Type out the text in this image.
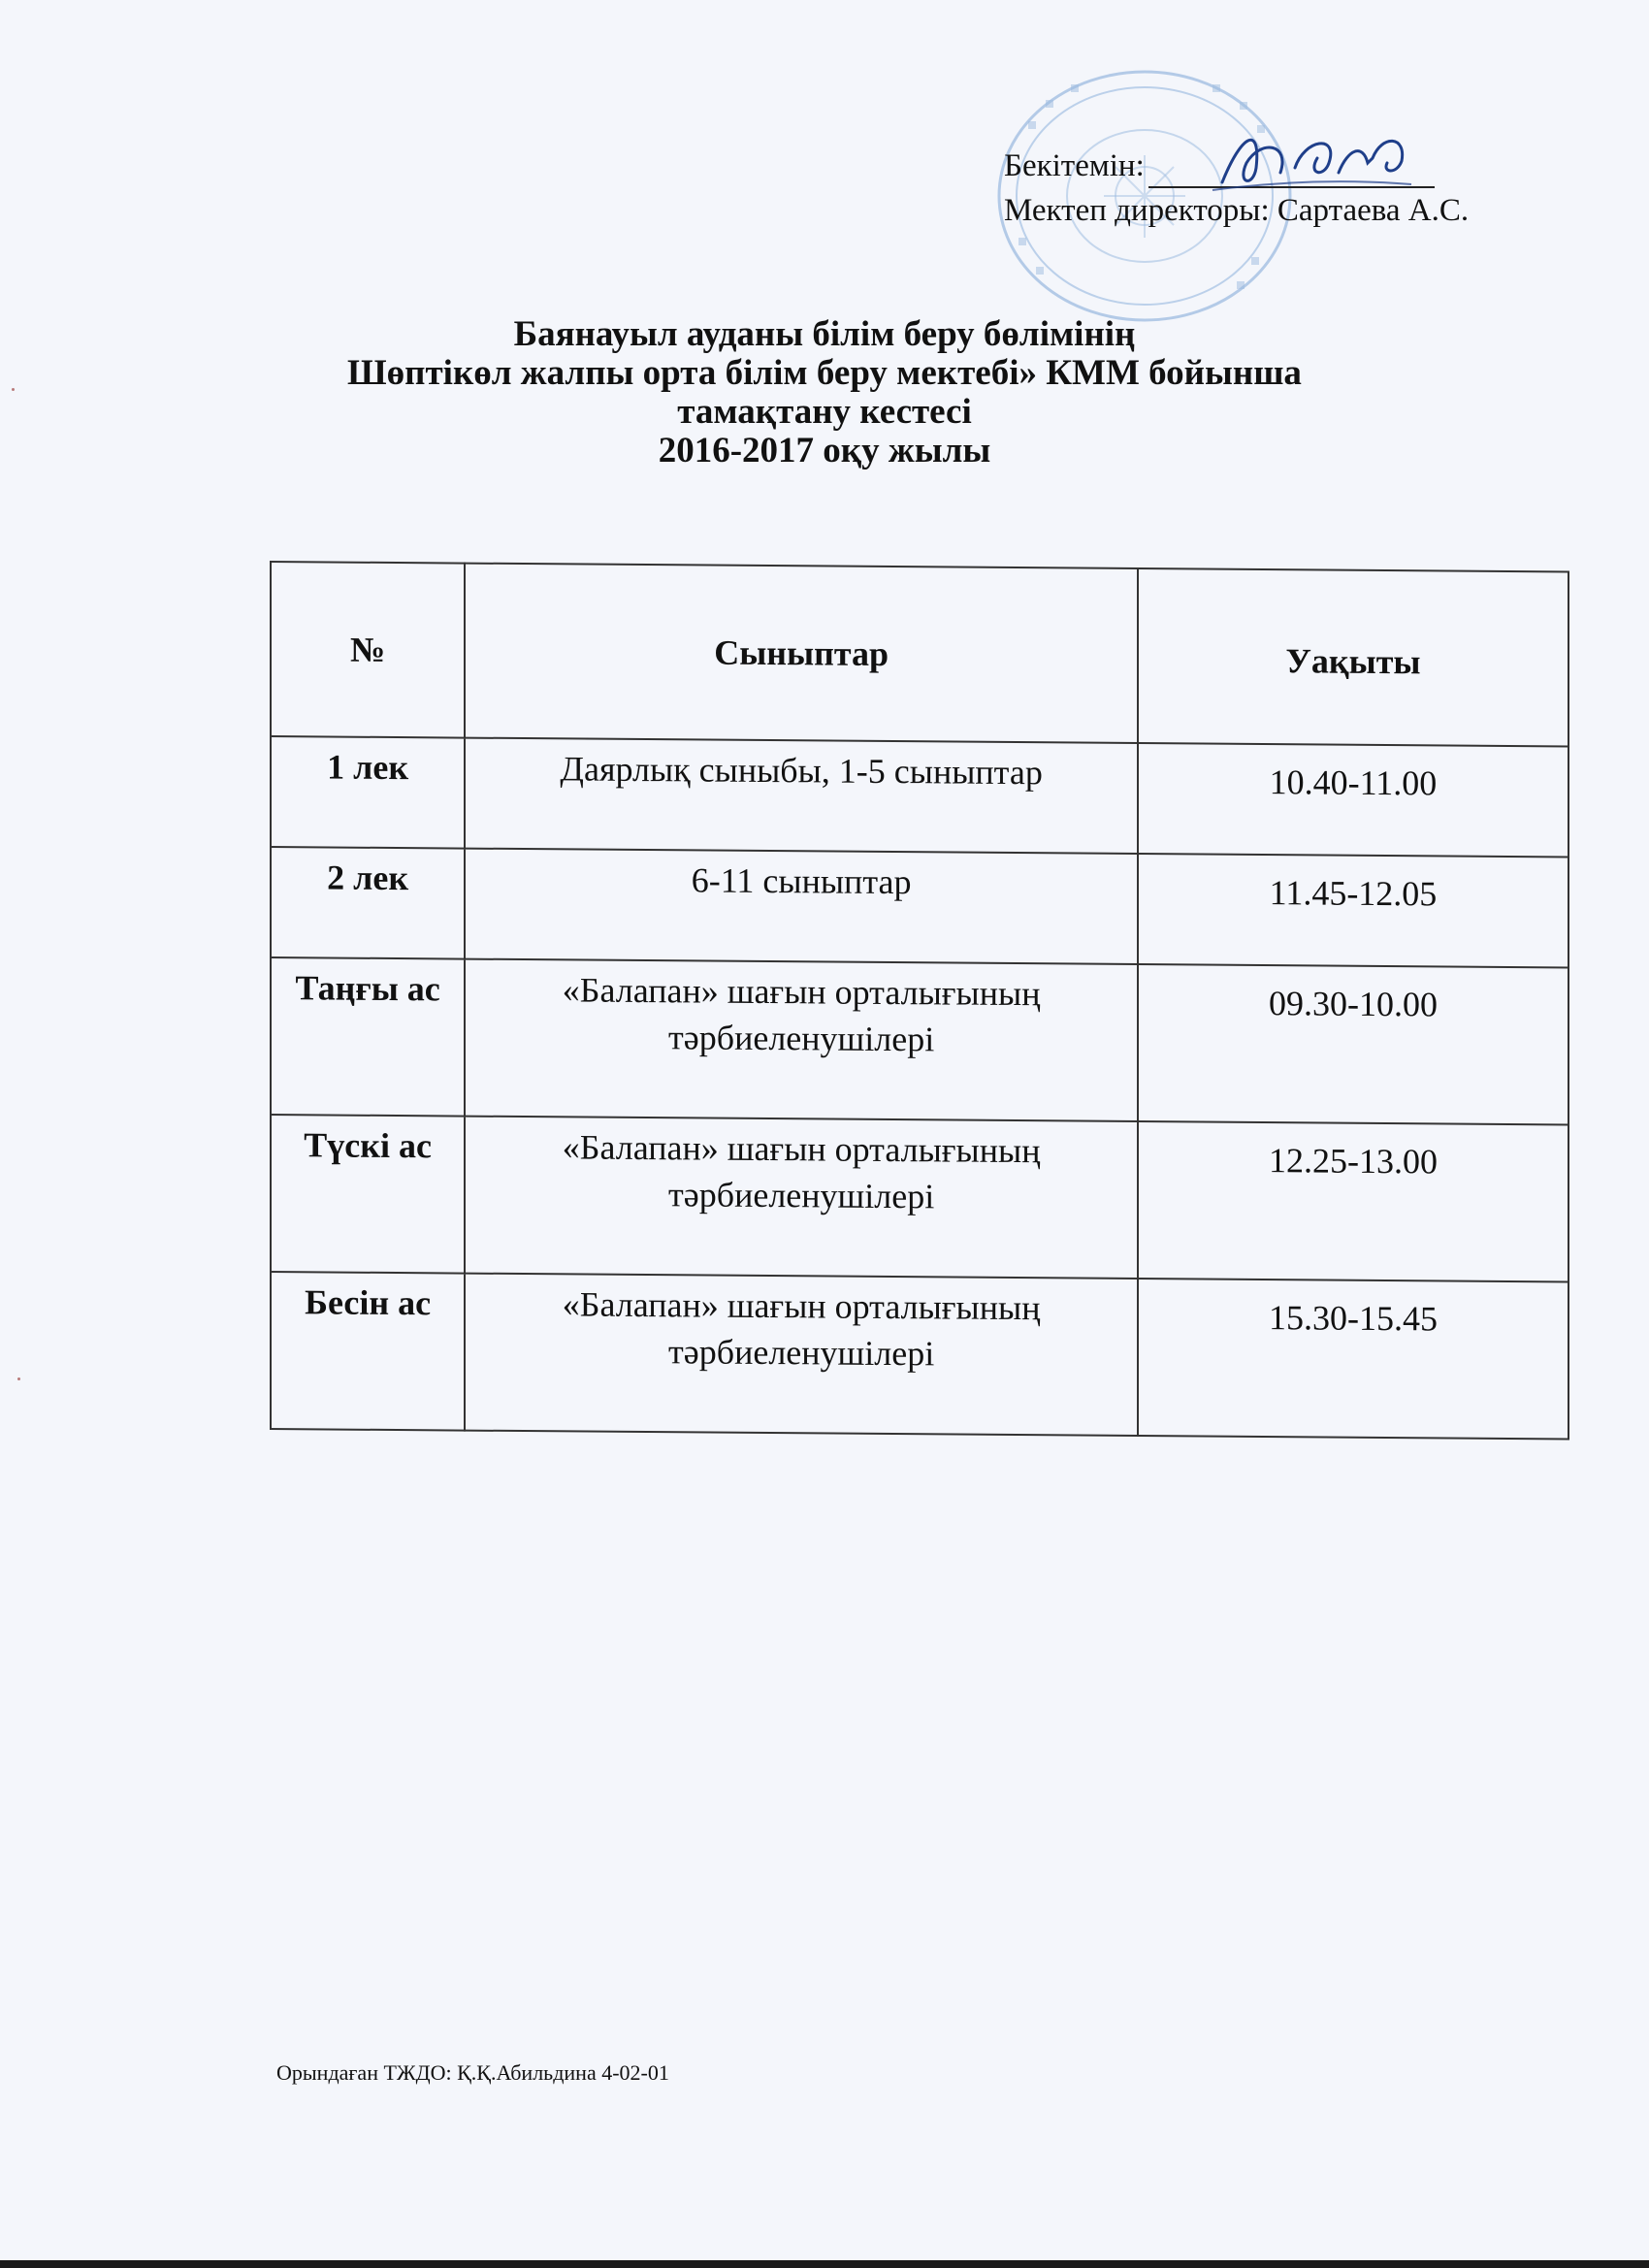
Бекітемін:
Мектеп директоры: Сартаева А.С.
Баянауыл ауданы білім беру бөлімінің
Шөптікөл жалпы орта білім беру мектебі» КММ бойынша
тамақтану кестесі
2016-2017 оқу жылы
№	Сыныптар	Уақыты
1 лек	Даярлық сыныбы, 1-5 сыныптар	10.40-11.00
2 лек	6-11 сыныптар	11.45-12.05
Таңғы ас	«Балапан» шағын орталығының тәрбиеленушілері	09.30-10.00
Түскі ас	«Балапан» шағын орталығының тәрбиеленушілері	12.25-13.00
Бесін ас	«Балапан» шағын орталығының тәрбиеленушілері	15.30-15.45
Орындаған ТЖДО: Қ.Қ.Абильдина 4-02-01
